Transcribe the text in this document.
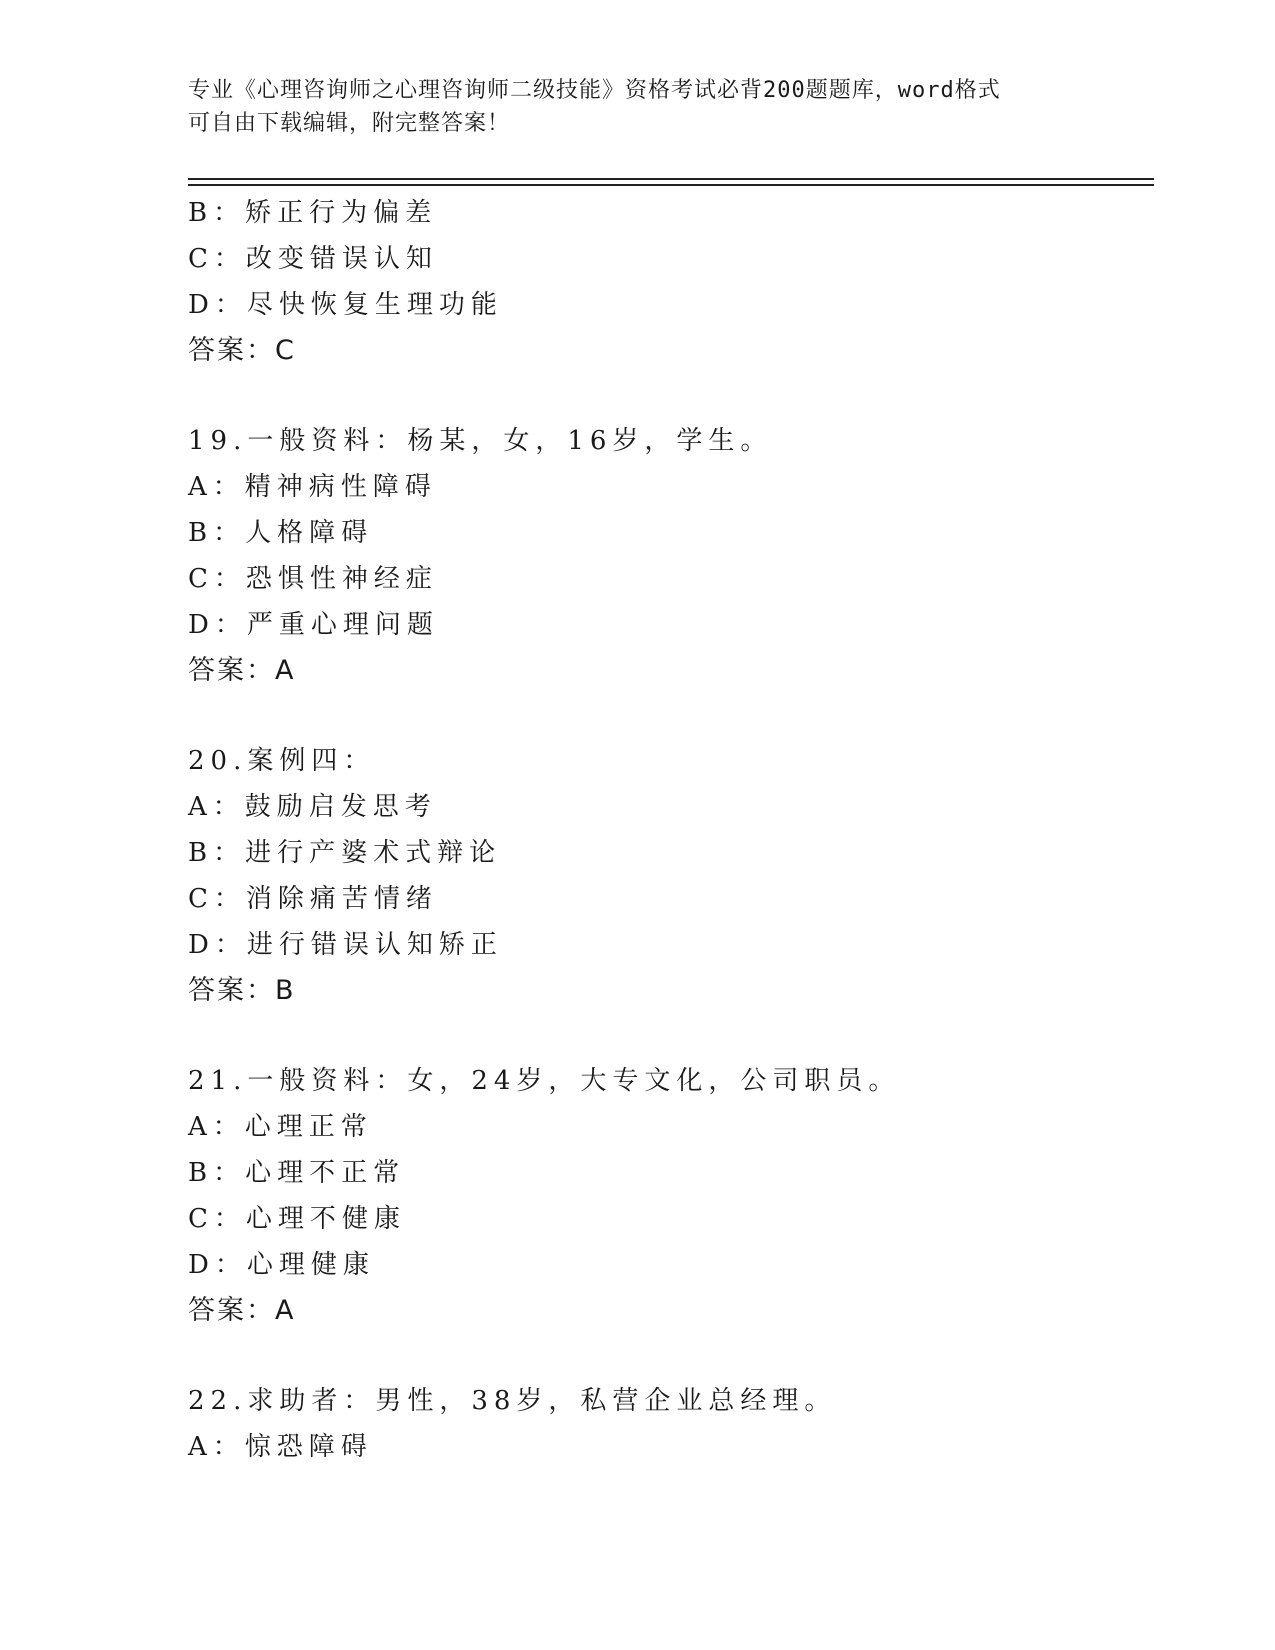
专业《心理咨询师之心理咨询师二级技能》资格考试必背200题题库，word格式
可自由下载编辑，附完整答案！
B：矫正行为偏差
C：改变错误认知
D：尽快恢复生理功能
答案：C
19.一般资料：杨某，女，16岁，学生。
A：精神病性障碍
B：人格障碍
C：恐惧性神经症
D：严重心理问题
答案：A
20.案例四：
A：鼓励启发思考
B：进行产婆术式辩论
C：消除痛苦情绪
D：进行错误认知矫正
答案：B
21.一般资料：女，24岁，大专文化，公司职员。
A：心理正常
B：心理不正常
C：心理不健康
D：心理健康
答案：A
22.求助者：男性，38岁，私营企业总经理。
A：惊恐障碍
